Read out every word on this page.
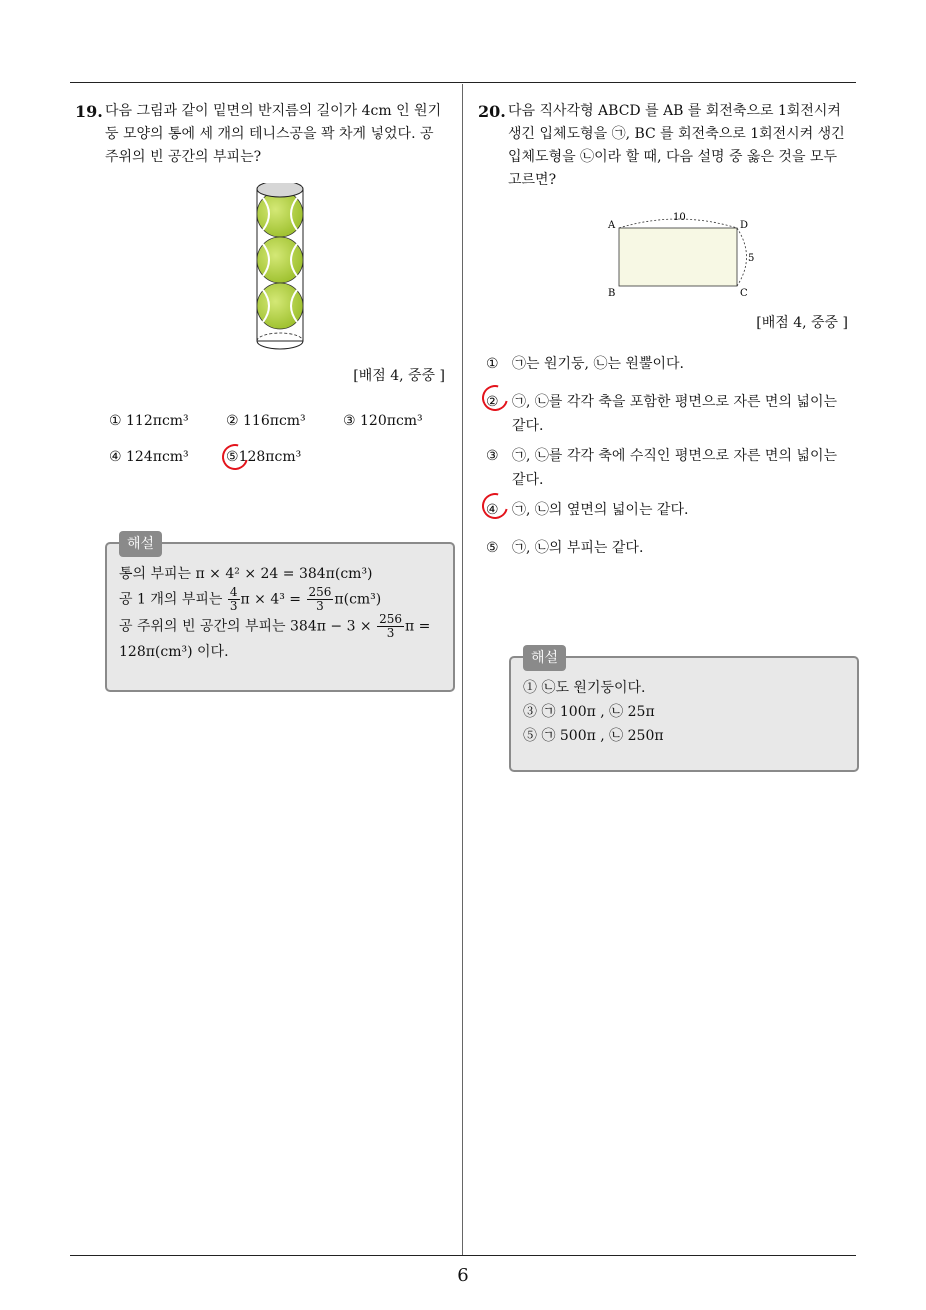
19. 다음 그림과 같이 밑면의 반지름의 길이가 4cm 인 원기둥 모양의 통에 세 개의 테니스공을 꽉 차게 넣었다. 공 주위의 빈 공간의 부피는?
[배점 4, 중중 ]
① 112πcm³	② 116πcm³	③ 120πcm³
④ 124πcm³	⑤128πcm³
해설
통의 부피는 π × 4² × 24 = 384π(cm³)
공 1 개의 부피는 $\frac{4}{3}$ $\pi \times 4^3 = \frac{256}{3} \pi(cm^3)$
공 주위의 빈 공간의 부피는 $384\pi - 3 \times \frac{256}{3}$ π =
128π(cm³) 이다.
20. 다음 직사각형 ABCD 를 AB 를 회전축으로 1회전시켜 생긴 입체도형을 ㉠, BC 를 회전축으로 1회전시켜 생긴 입체도형을 ㉡이라 할 때, 다음 설명 중 옳은 것을 모두 고르면?
A	D
B	C
10
5
[배점 4, 중중 ]
① ㉠는 원기둥, ㉡는 원뿔이다.
② ㉠, ㉡를 각각 축을 포함한 평면으로 자른 면의 넓이는 같다.
③ ㉠, ㉡를 각각 축에 수직인 평면으로 자른 면의 넓이는 같다.
④ ㉠, ㉡의 옆면의 넓이는 같다.
⑤ ㉠, ㉡의 부피는 같다.
해설
① ㉡도 원기둥이다.
③ ㉠ 100π , ㉡ 25π
⑤ ㉠ 500π , ㉡ 250π
6
